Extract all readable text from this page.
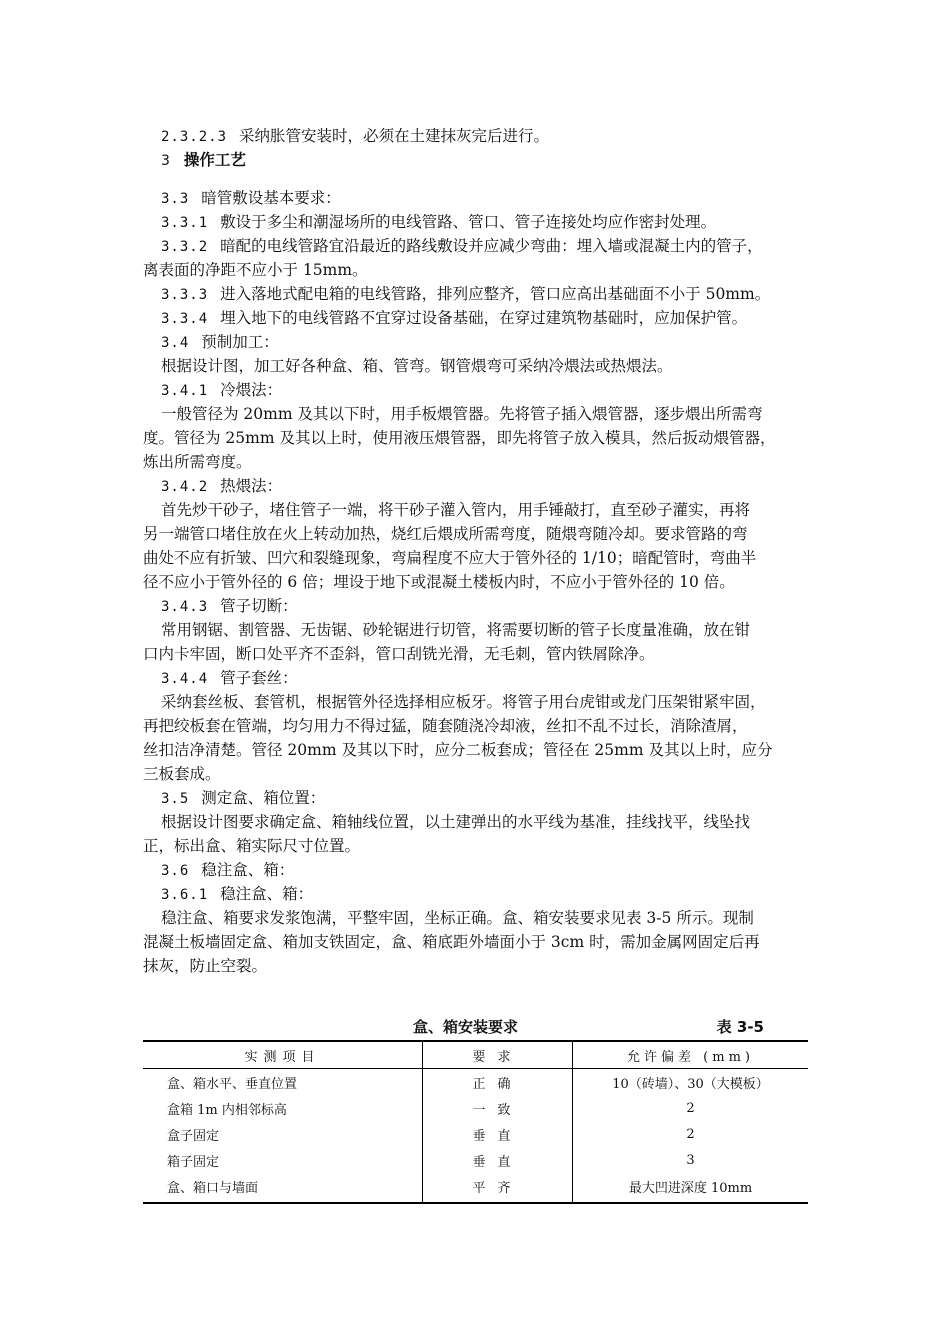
2.3.2.3 采纳胀管安装时，必须在土建抹灰完后进行。
3 操作工艺
3.3 暗管敷设基本要求：
3.3.1 敷设于多尘和潮湿场所的电线管路、管口、管子连接处均应作密封处理。
3.3.2 暗配的电线管路宜沿最近的路线敷设并应减少弯曲：埋入墙或混凝土内的管子，
离表面的净距不应小于 15mm。
3.3.3 进入落地式配电箱的电线管路，排列应整齐，管口应高出基础面不小于 50mm。
3.3.4 埋入地下的电线管路不宜穿过设备基础，在穿过建筑物基础时，应加保护管。
3.4 预制加工：
根据设计图，加工好各种盒、箱、管弯。钢管煨弯可采纳冷煨法或热煨法。
3.4.1 冷煨法：
一般管径为 20mm 及其以下时，用手板煨管器。先将管子插入煨管器，逐步煨出所需弯
度。管径为 25mm 及其以上时，使用液压煨管器，即先将管子放入模具，然后扳动煨管器，
炼出所需弯度。
3.4.2 热煨法：
首先炒干砂子，堵住管子一端，将干砂子灌入管内，用手锤敲打，直至砂子灌实，再将
另一端管口堵住放在火上转动加热，烧红后煨成所需弯度，随煨弯随冷却。要求管路的弯
曲处不应有折皱、凹穴和裂缝现象，弯扁程度不应大于管外径的 1/10；暗配管时，弯曲半
径不应小于管外径的 6 倍；埋设于地下或混凝土楼板内时，不应小于管外径的 10 倍。
3.4.3 管子切断：
常用钢锯、割管器、无齿锯、砂轮锯进行切管，将需要切断的管子长度量准确，放在钳
口内卡牢固，断口处平齐不歪斜，管口刮铣光滑，无毛刺，管内铁屑除净。
3.4.4 管子套丝：
采纳套丝板、套管机，根据管外径选择相应板牙。将管子用台虎钳或龙门压架钳紧牢固，
再把绞板套在管端，均匀用力不得过猛，随套随浇冷却液，丝扣不乱不过长，消除渣屑，
丝扣洁净清楚。管径 20mm 及其以下时，应分二板套成；管径在 25mm 及其以上时，应分
三板套成。
3.5 测定盒、箱位置：
根据设计图要求确定盒、箱轴线位置，以土建弹出的水平线为基准，挂线找平，线坠找
正，标出盒、箱实际尺寸位置。
3.6 稳注盒、箱：
3.6.1 稳注盒、箱：
稳注盒、箱要求发浆饱满，平整牢固，坐标正确。盒、箱安装要求见表 3-5 所示。现制
混凝土板墙固定盒、箱加支铁固定，盒、箱底距外墙面小于 3cm 时，需加金属网固定后再
抹灰，防止空裂。
盒、箱安装要求	表 3-5
实测项目	要求	允许偏差 (mm)
盒、箱水平、垂直位置	正确	10（砖墙）、30（大模板）
盒箱 1m 内相邻标高	一致	2
盒子固定	垂直	2
箱子固定	垂直	3
盒、箱口与墙面	平齐	最大凹进深度 10mm
